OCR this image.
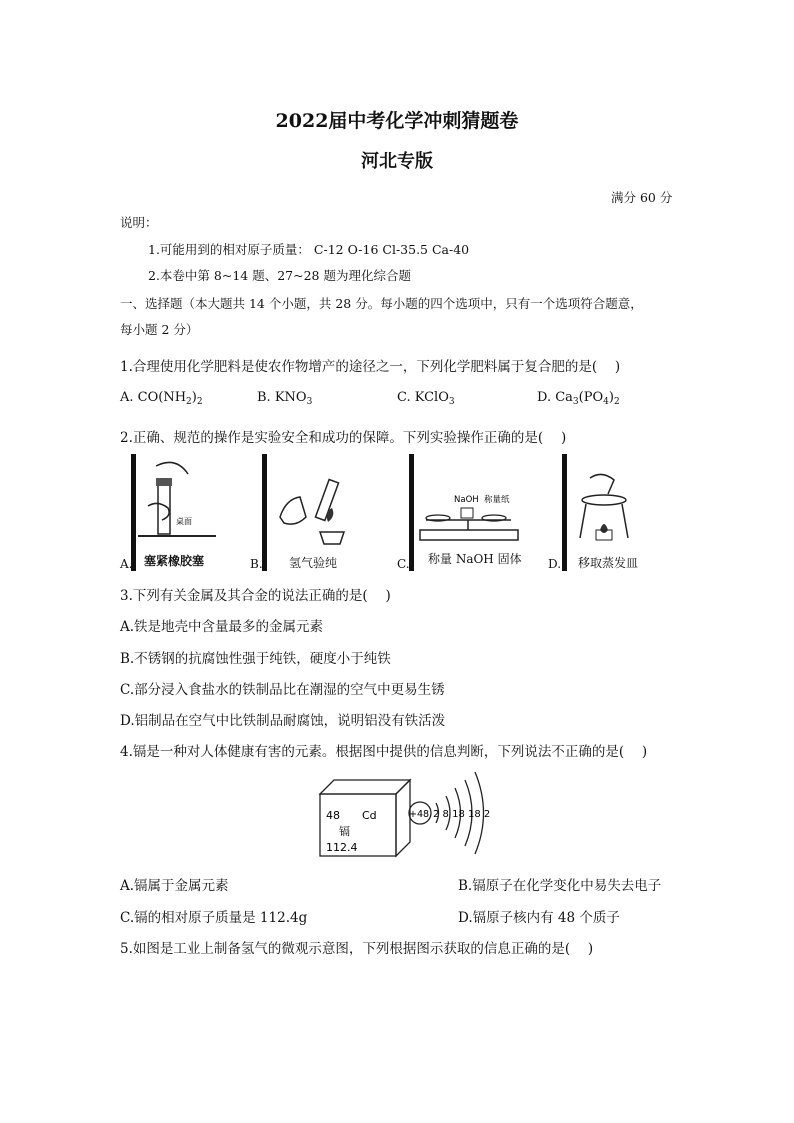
2022届中考化学冲刺猜题卷
河北专版
满分 60 分
说明：
1.可能用到的相对原子质量： C-12 O-16 Cl-35.5 Ca-40
2.本卷中第 8~14 题、27~28 题为理化综合题
一、选择题（本大题共 14 个小题，共 28 分。每小题的四个选项中，只有一个选项符合题意，
每小题 2 分）
1.合理使用化学肥料是使农作物增产的途径之一，下列化学肥料属于复合肥的是(　 )
A. $CO(NH_2)_2$	B. $KNO_3$	C. KClO$_3$	D. $Ca_3(PO_4)_2$
2.正确、规范的操作是实验安全和成功的保障。下列实验操作正确的是(　 )
A.
桌面
塞紧橡胶塞	B. 氢气验纯	C.
NaOH 称量纸
称量 NaOH 固体 D. 移取蒸发皿
3.下列有关金属及其合金的说法正确的是(　 )
A.铁是地壳中含量最多的金属元素
B.不锈钢的抗腐蚀性强于纯铁，硬度小于纯铁
C.部分浸入食盐水的铁制品比在潮湿的空气中更易生锈
D.铝制品在空气中比铁制品耐腐蚀，说明铝没有铁活泼
4.镉是一种对人体健康有害的元素。根据图中提供的信息判断，下列说法不正确的是(　 )
48 Cd
镉
112.4
+48 2 8 18 18 2
A.镉属于金属元素	B.镉原子在化学变化中易失去电子
C.镉的相对原子质量是 112.4g	D.镉原子核内有 48 个质子
5.如图是工业上制备氢气的微观示意图，下列根据图示获取的信息正确的是(　 )
